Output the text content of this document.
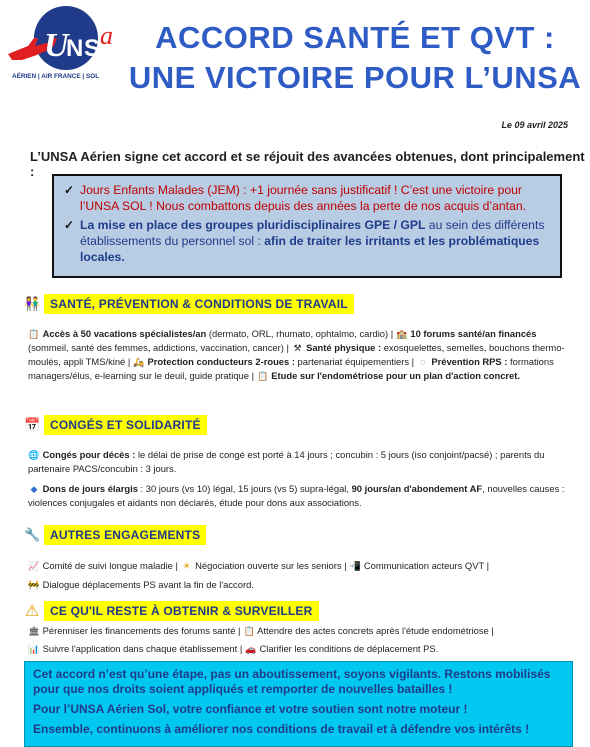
U
N S a
AÉRIEN | AIR FRANCE | SOL
ACCORD SANTÉ ET QVT :
UNE VICTOIRE POUR L’UNSA
Le 09 avril 2025
L’UNSA Aérien signe cet accord et se réjouit des avancées obtenues, dont principalement :
✓ Jours Enfants Malades (JEM) : +1 journée sans justificatif ! C’est une victoire pour l’UNSA SOL ! Nous combattons depuis des années la perte de nos acquis d’antan.
✓ La mise en place des groupes pluridisciplinaires GPE / GPL au sein des différents établissements du personnel sol : afin de traiter les irritants et les problématiques locales.
👫 SANTÉ, PRÉVENTION & CONDITIONS DE TRAVAIL
📋 Accès à 50 vacations spécialistes/an (dermato, ORL, rhumato, ophtalmo, cardio) | 🏫 10 forums santé/an financés (sommeil, santé des femmes, addictions, vaccination, cancer) | ⚒ Santé physique : exosquelettes, semelles, bouchons thermo-moulés, appli TMS/kiné | 🛵 Protection conducteurs 2-roues : partenariat équipementiers | ◌ Prévention RPS : formations managers/élus, e-learning sur le deuil, guide pratique | 📋 Etude sur l'endométriose pour un plan d'action concret.
📅 CONGÉS ET SOLIDARITÉ
🌐 Congés pour décès : le délai de prise de congé est porté à 14 jours ; concubin : 5 jours (iso conjoint/pacsé) ; parents du partenaire PACS/concubin : 3 jours.
◆ Dons de jours élargis : 30 jours (vs 10) légal, 15 jours (vs 5) supra-légal, 90 jours/an d'abondement AF, nouvelles causes : violences conjugales et aidants non déclarés, étude pour dons aux associations.
🔧 AUTRES ENGAGEMENTS
📈 Comité de suivi longue maladie | ☀ Négociation ouverte sur les seniors | 📲 Communication acteurs QVT |
🚧 Dialogue déplacements PS avant la fin de l'accord.
⚠ CE QU'IL RESTE À OBTENIR & SURVEILLER
🏛 Pérenniser les financements des forums santé | 📋 Attendre des actes concrets après l'étude endométriose |
📊 Suivre l'application dans chaque établissement | 🚗 Clarifier les conditions de déplacement PS.
Cet accord n’est qu’une étape, pas un aboutissement, soyons vigilants. Restons mobilisés pour que nos droits soient appliqués et remporter de nouvelles batailles !
Pour l’UNSA Aérien Sol, votre confiance et votre soutien sont notre moteur !
Ensemble, continuons à améliorer nos conditions de travail et à défendre vos intérêts !
